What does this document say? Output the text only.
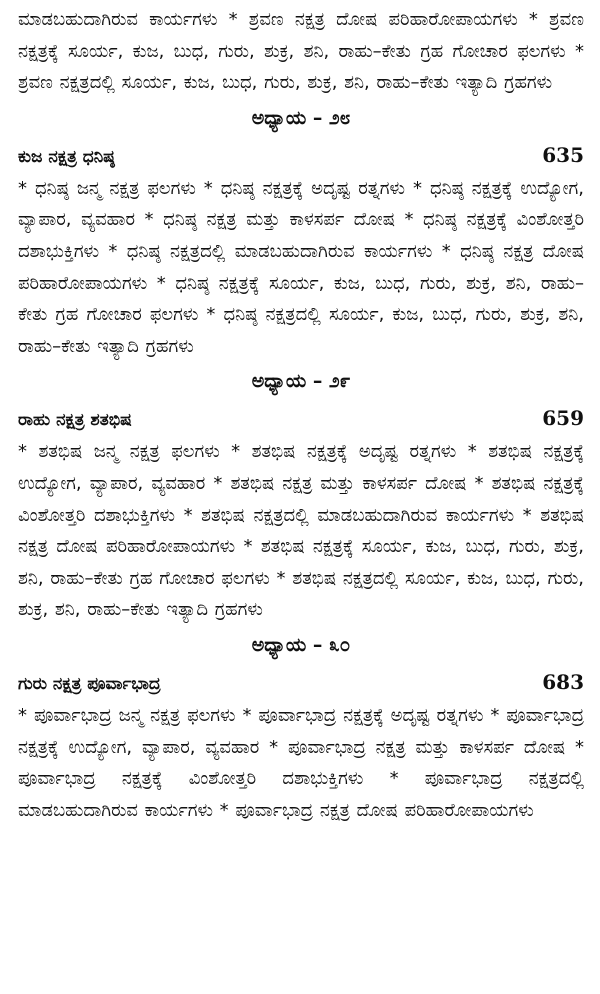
ಮಾಡಬಹುದಾಗಿರುವ ಕಾರ್ಯಗಳು * ಶ್ರವಣ ನಕ್ಷತ್ರ ದೋಷ ಪರಿಹಾರೋಪಾಯಗಳು * ಶ್ರವಣ ನಕ್ಷತ್ರಕ್ಕೆ ಸೂರ್ಯ, ಕುಜ, ಬುಧ, ಗುರು, ಶುಕ್ರ, ಶನಿ, ರಾಹು–ಕೇತು ಗ್ರಹ ಗೋಚಾರ ಫಲಗಳು * ಶ್ರವಣ ನಕ್ಷತ್ರದಲ್ಲಿ ಸೂರ್ಯ, ಕುಜ, ಬುಧ, ಗುರು, ಶುಕ್ರ, ಶನಿ, ರಾಹು–ಕೇತು ಇತ್ಯಾದಿ ಗ್ರಹಗಳು

ಅಧ್ಯಾಯ – ೨೮
ಕುಜ ನಕ್ಷತ್ರ ಧನಿಷ್ಠ	635

* ಧನಿಷ್ಠ ಜನ್ಮ ನಕ್ಷತ್ರ ಫಲಗಳು * ಧನಿಷ್ಠ ನಕ್ಷತ್ರಕ್ಕೆ ಅದೃಷ್ಟ ರತ್ನಗಳು * ಧನಿಷ್ಠ ನಕ್ಷತ್ರಕ್ಕೆ ಉದ್ಯೋಗ, ವ್ಯಾಪಾರ, ವ್ಯವಹಾರ * ಧನಿಷ್ಠ ನಕ್ಷತ್ರ ಮತ್ತು ಕಾಳಸರ್ಪ ದೋಷ * ಧನಿಷ್ಠ ನಕ್ಷತ್ರಕ್ಕೆ ವಿಂಶೋತ್ತರಿ ದಶಾಭುಕ್ತಿಗಳು * ಧನಿಷ್ಠ ನಕ್ಷತ್ರದಲ್ಲಿ ಮಾಡಬಹುದಾಗಿರುವ ಕಾರ್ಯಗಳು * ಧನಿಷ್ಠ ನಕ್ಷತ್ರ ದೋಷ ಪರಿಹಾರೋಪಾಯಗಳು * ಧನಿಷ್ಠ ನಕ್ಷತ್ರಕ್ಕೆ ಸೂರ್ಯ, ಕುಜ, ಬುಧ, ಗುರು, ಶುಕ್ರ, ಶನಿ, ರಾಹು–ಕೇತು ಗ್ರಹ ಗೋಚಾರ ಫಲಗಳು * ಧನಿಷ್ಠ ನಕ್ಷತ್ರದಲ್ಲಿ ಸೂರ್ಯ, ಕುಜ, ಬುಧ, ಗುರು, ಶುಕ್ರ, ಶನಿ, ರಾಹು–ಕೇತು ಇತ್ಯಾದಿ ಗ್ರಹಗಳು

ಅಧ್ಯಾಯ – ೨೯
ರಾಹು ನಕ್ಷತ್ರ ಶತಭಿಷ	659

* ಶತಭಿಷ ಜನ್ಮ ನಕ್ಷತ್ರ ಫಲಗಳು * ಶತಭಿಷ ನಕ್ಷತ್ರಕ್ಕೆ ಅದೃಷ್ಟ ರತ್ನಗಳು * ಶತಭಿಷ ನಕ್ಷತ್ರಕ್ಕೆ ಉದ್ಯೋಗ, ವ್ಯಾಪಾರ, ವ್ಯವಹಾರ * ಶತಭಿಷ ನಕ್ಷತ್ರ ಮತ್ತು ಕಾಳಸರ್ಪ ದೋಷ * ಶತಭಿಷ ನಕ್ಷತ್ರಕ್ಕೆ ವಿಂಶೋತ್ತರಿ ದಶಾಭುಕ್ತಿಗಳು * ಶತಭಿಷ ನಕ್ಷತ್ರದಲ್ಲಿ ಮಾಡಬಹುದಾಗಿರುವ ಕಾರ್ಯಗಳು * ಶತಭಿಷ ನಕ್ಷತ್ರ ದೋಷ ಪರಿಹಾರೋಪಾಯಗಳು * ಶತಭಿಷ ನಕ್ಷತ್ರಕ್ಕೆ ಸೂರ್ಯ, ಕುಜ, ಬುಧ, ಗುರು, ಶುಕ್ರ, ಶನಿ, ರಾಹು–ಕೇತು ಗ್ರಹ ಗೋಚಾರ ಫಲಗಳು * ಶತಭಿಷ ನಕ್ಷತ್ರದಲ್ಲಿ ಸೂರ್ಯ, ಕುಜ, ಬುಧ, ಗುರು, ಶುಕ್ರ, ಶನಿ, ರಾಹು–ಕೇತು ಇತ್ಯಾದಿ ಗ್ರಹಗಳು

ಅಧ್ಯಾಯ – ೩೦
ಗುರು ನಕ್ಷತ್ರ ಪೂರ್ವಾಭಾದ್ರ	683

* ಪೂರ್ವಾಭಾದ್ರ ಜನ್ಮ ನಕ್ಷತ್ರ ಫಲಗಳು * ಪೂರ್ವಾಭಾದ್ರ ನಕ್ಷತ್ರಕ್ಕೆ ಅದೃಷ್ಟ ರತ್ನಗಳು * ಪೂರ್ವಾಭಾದ್ರ ನಕ್ಷತ್ರಕ್ಕೆ ಉದ್ಯೋಗ, ವ್ಯಾಪಾರ, ವ್ಯವಹಾರ * ಪೂರ್ವಾಭಾದ್ರ ನಕ್ಷತ್ರ ಮತ್ತು ಕಾಳಸರ್ಪ ದೋಷ * ಪೂರ್ವಾಭಾದ್ರ ನಕ್ಷತ್ರಕ್ಕೆ ವಿಂಶೋತ್ತರಿ ದಶಾಭುಕ್ತಿಗಳು * ಪೂರ್ವಾಭಾದ್ರ ನಕ್ಷತ್ರದಲ್ಲಿ ಮಾಡಬಹುದಾಗಿರುವ ಕಾರ್ಯಗಳು * ಪೂರ್ವಾಭಾದ್ರ ನಕ್ಷತ್ರ ದೋಷ ಪರಿಹಾರೋಪಾಯಗಳು
